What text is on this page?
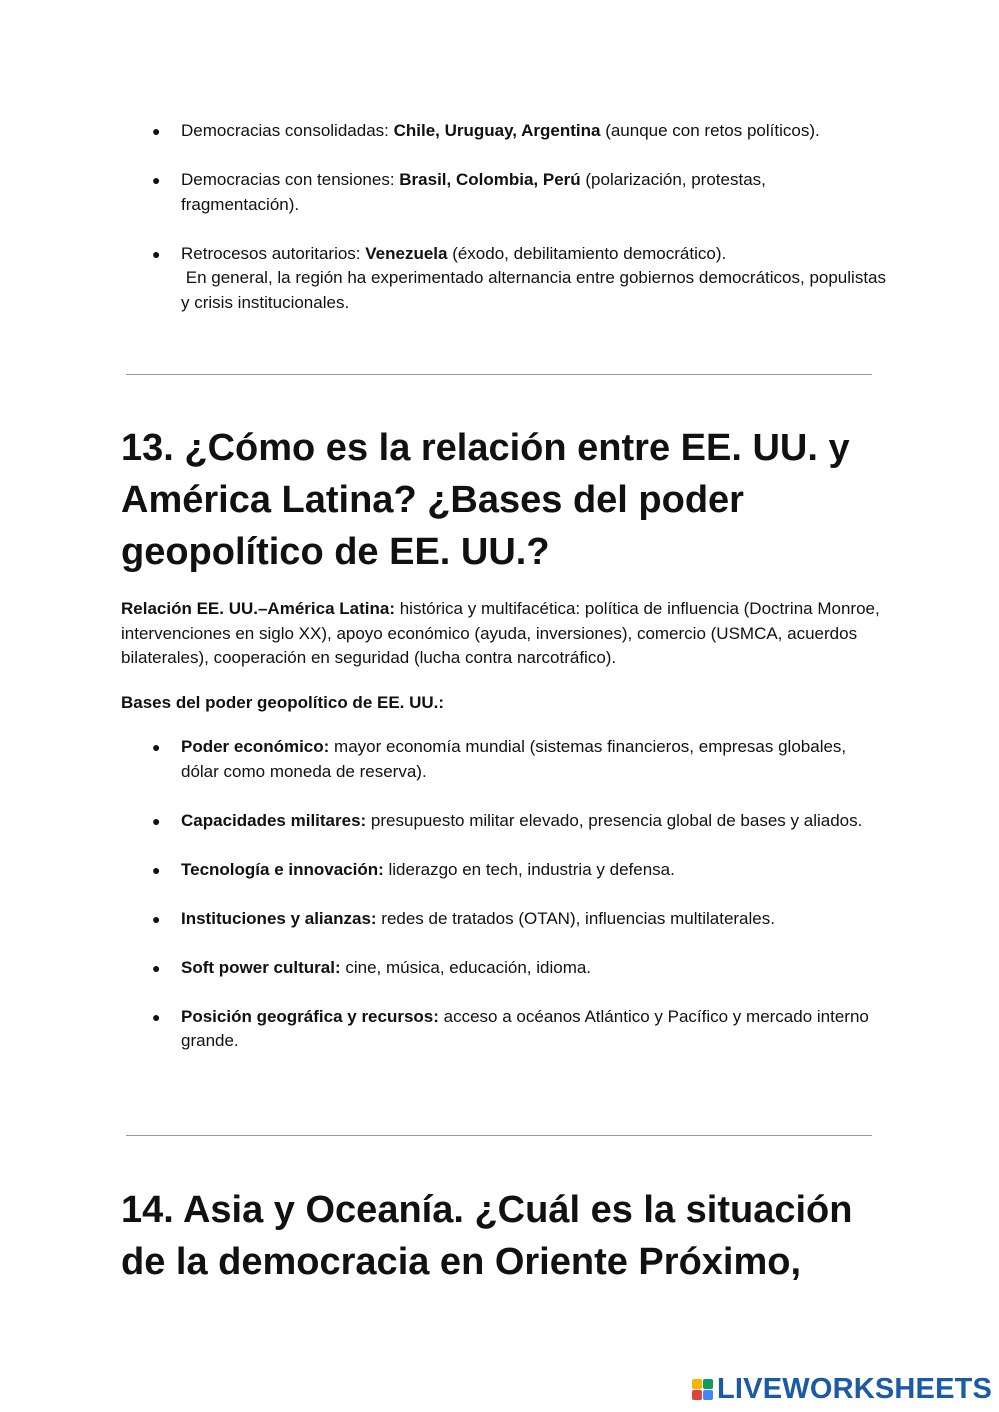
● Democracias consolidadas: Chile, Uruguay, Argentina (aunque con retos políticos).
● Democracias con tensiones: Brasil, Colombia, Perú (polarización, protestas, fragmentación).
● Retrocesos autoritarios: Venezuela (éxodo, debilitamiento democrático).
En general, la región ha experimentado alternancia entre gobiernos democráticos, populistas y crisis institucionales.
13. ¿Cómo es la relación entre EE. UU. y América Latina? ¿Bases del poder geopolítico de EE. UU.?

Relación EE. UU.–América Latina: histórica y multifacética: política de influencia (Doctrina Monroe, intervenciones en siglo XX), apoyo económico (ayuda, inversiones), comercio (USMCA, acuerdos bilaterales), cooperación en seguridad (lucha contra narcotráfico).

Bases del poder geopolítico de EE. UU.:

● Poder económico: mayor economía mundial (sistemas financieros, empresas globales, dólar como moneda de reserva).
● Capacidades militares: presupuesto militar elevado, presencia global de bases y aliados.
● Tecnología e innovación: liderazgo en tech, industria y defensa.
● Instituciones y alianzas: redes de tratados (OTAN), influencias multilaterales.
● Soft power cultural: cine, música, educación, idioma.
● Posición geográfica y recursos: acceso a océanos Atlántico y Pacífico y mercado interno grande.
14. Asia y Oceanía. ¿Cuál es la situación de la democracia en Oriente Próximo,
LIVEWORKSHEETS
